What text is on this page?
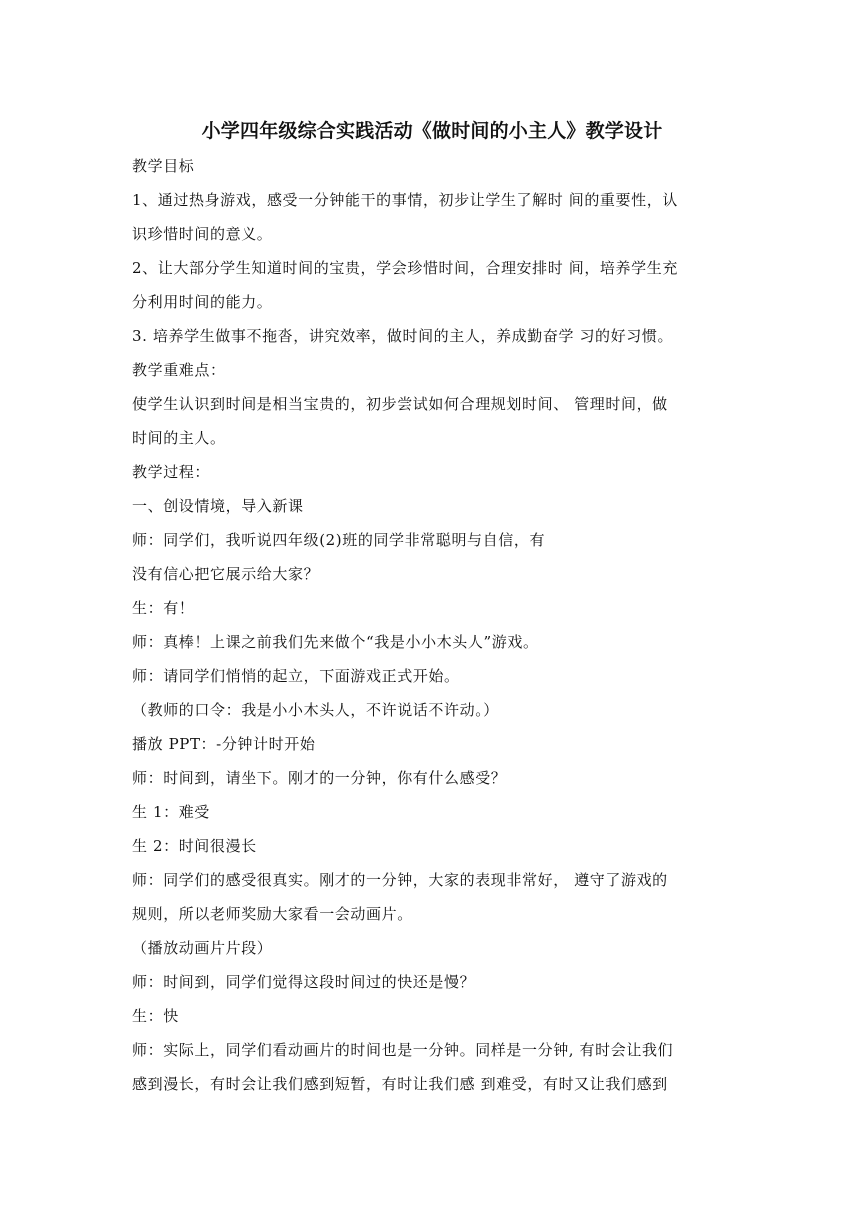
小学四年级综合实践活动《做时间的小主人》教学设计

教学目标

1、通过热身游戏，感受一分钟能干的事情，初步让学生了解时 间的重要性，认

识珍惜时间的意义。

2、让大部分学生知道时间的宝贵，学会珍惜时间，合理安排时 间，培养学生充

分利用时间的能力。

3. 培养学生做事不拖沓，讲究效率，做时间的主人，养成勤奋学 习的好习惯。

教学重难点：

使学生认识到时间是相当宝贵的，初步尝试如何合理规划时间、 管理时间，做

时间的主人。

教学过程：

一、创设情境，导入新课

师：同学们，我听说四年级(2)班的同学非常聪明与自信，有

没有信心把它展示给大家？

生：有！

师：真棒！上课之前我们先来做个“我是小小木头人”游戏。

师：请同学们悄悄的起立，下面游戏正式开始。

（教师的口令：我是小小木头人，不许说话不许动。）

播放 PPT：-分钟计时开始

师：时间到，请坐下。刚才的一分钟，你有什么感受？

生 1：难受

生 2：时间很漫长

师：同学们的感受很真实。刚才的一分钟，大家的表现非常好， 遵守了游戏的

规则，所以老师奖励大家看一会动画片。

（播放动画片片段）

师：时间到，同学们觉得这段时间过的快还是慢？

生：快

师：实际上，同学们看动画片的时间也是一分钟。同样是一分钟, 有时会让我们

感到漫长，有时会让我们感到短暂，有时让我们感 到难受，有时又让我们感到
